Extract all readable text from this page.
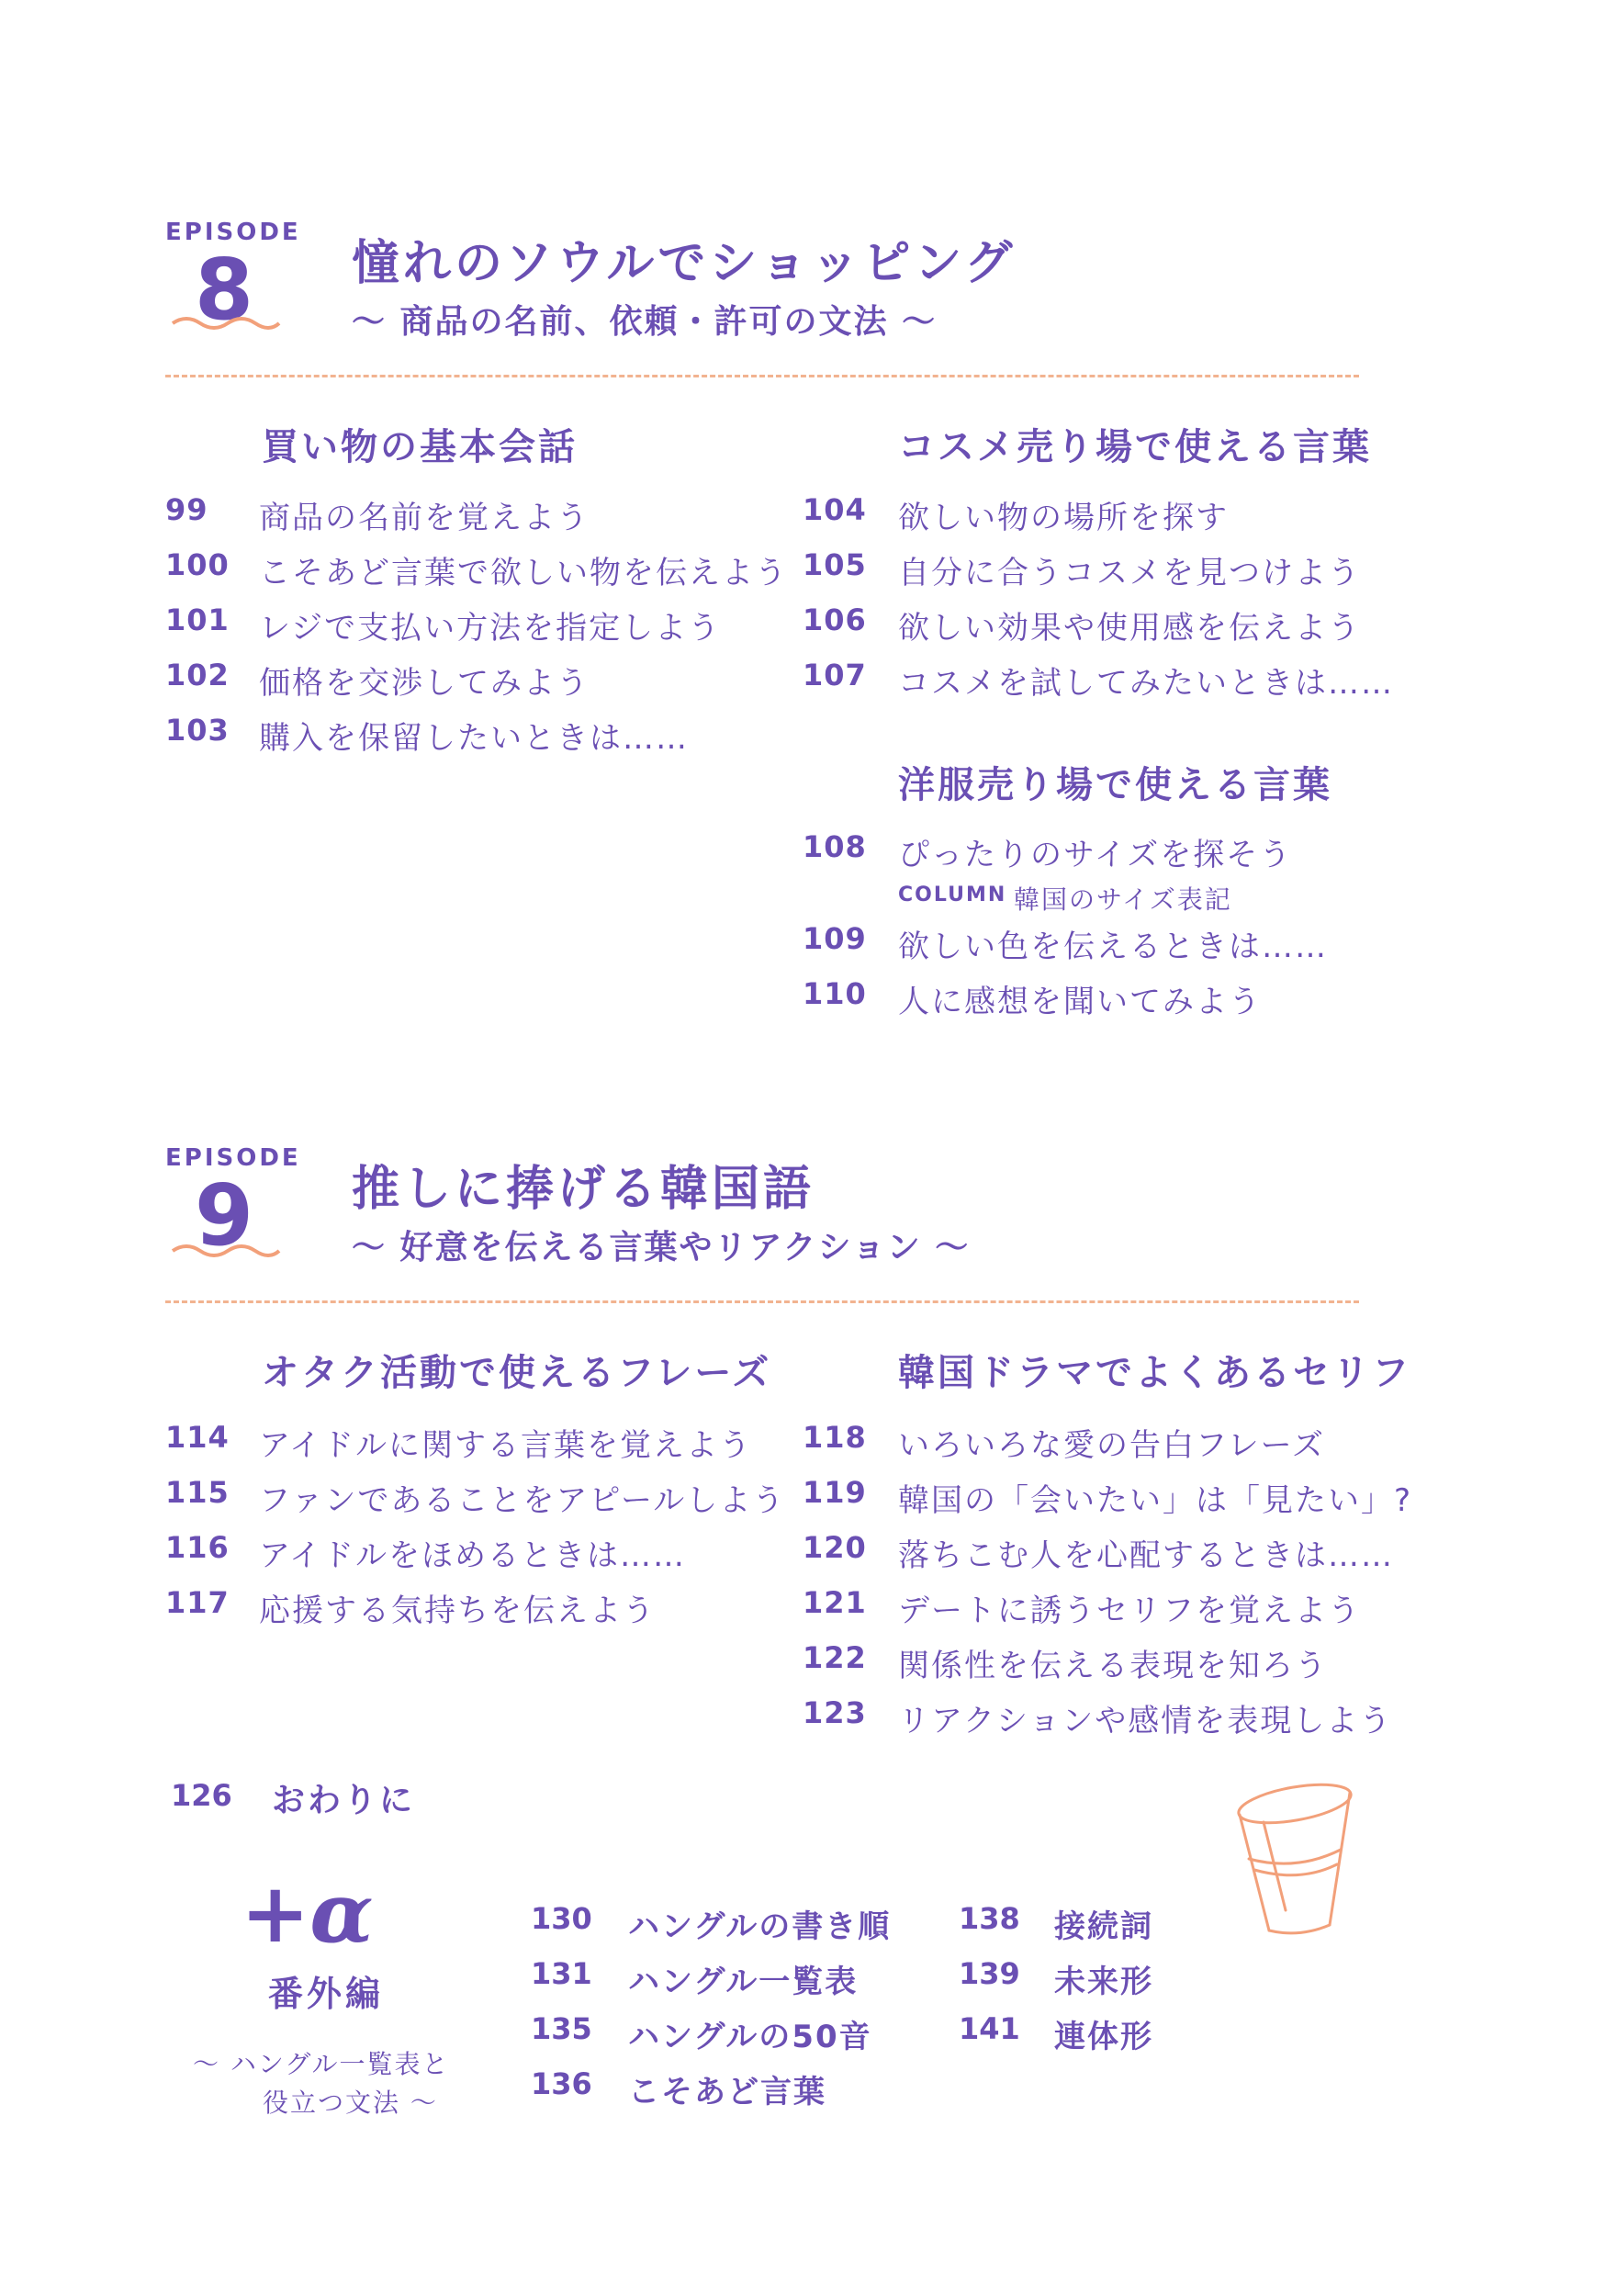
EPISODE
8 憧れのソウルでショッピング
〜 商品の名前、依頼・許可の文法 〜
買い物の基本会話
99 商品の名前を覚えよう
100 こそあど言葉で欲しい物を伝えよう
101 レジで支払い方法を指定しよう
102 価格を交渉してみよう
103 購入を保留したいときは……
コスメ売り場で使える言葉
104 欲しい物の場所を探す
105 自分に合うコスメを見つけよう
106 欲しい効果や使用感を伝えよう
107 コスメを試してみたいときは……
洋服売り場で使える言葉
108 ぴったりのサイズを探そう
COLUMN 韓国のサイズ表記
109 欲しい色を伝えるときは……
110 人に感想を聞いてみよう
EPISODE
9 推しに捧げる韓国語
〜 好意を伝える言葉やリアクション 〜
オタク活動で使えるフレーズ
114 アイドルに関する言葉を覚えよう
115 ファンであることをアピールしよう
116 アイドルをほめるときは……
117 応援する気持ちを伝えよう
韓国ドラマでよくあるセリフ
118 いろいろな愛の告白フレーズ
119 韓国の「会いたい」は「見たい」?
120 落ちこむ人を心配するときは……
121 デートに誘うセリフを覚えよう
122 関係性を伝える表現を知ろう
123 リアクションや感情を表現しよう
126 おわりに
+α
番外編
〜 ハングル一覧表と
役立つ文法 〜
130 ハングルの書き順
131 ハングル一覧表
135 ハングルの50音
136 こそあど言葉
138 接続詞
139 未来形
141 連体形
